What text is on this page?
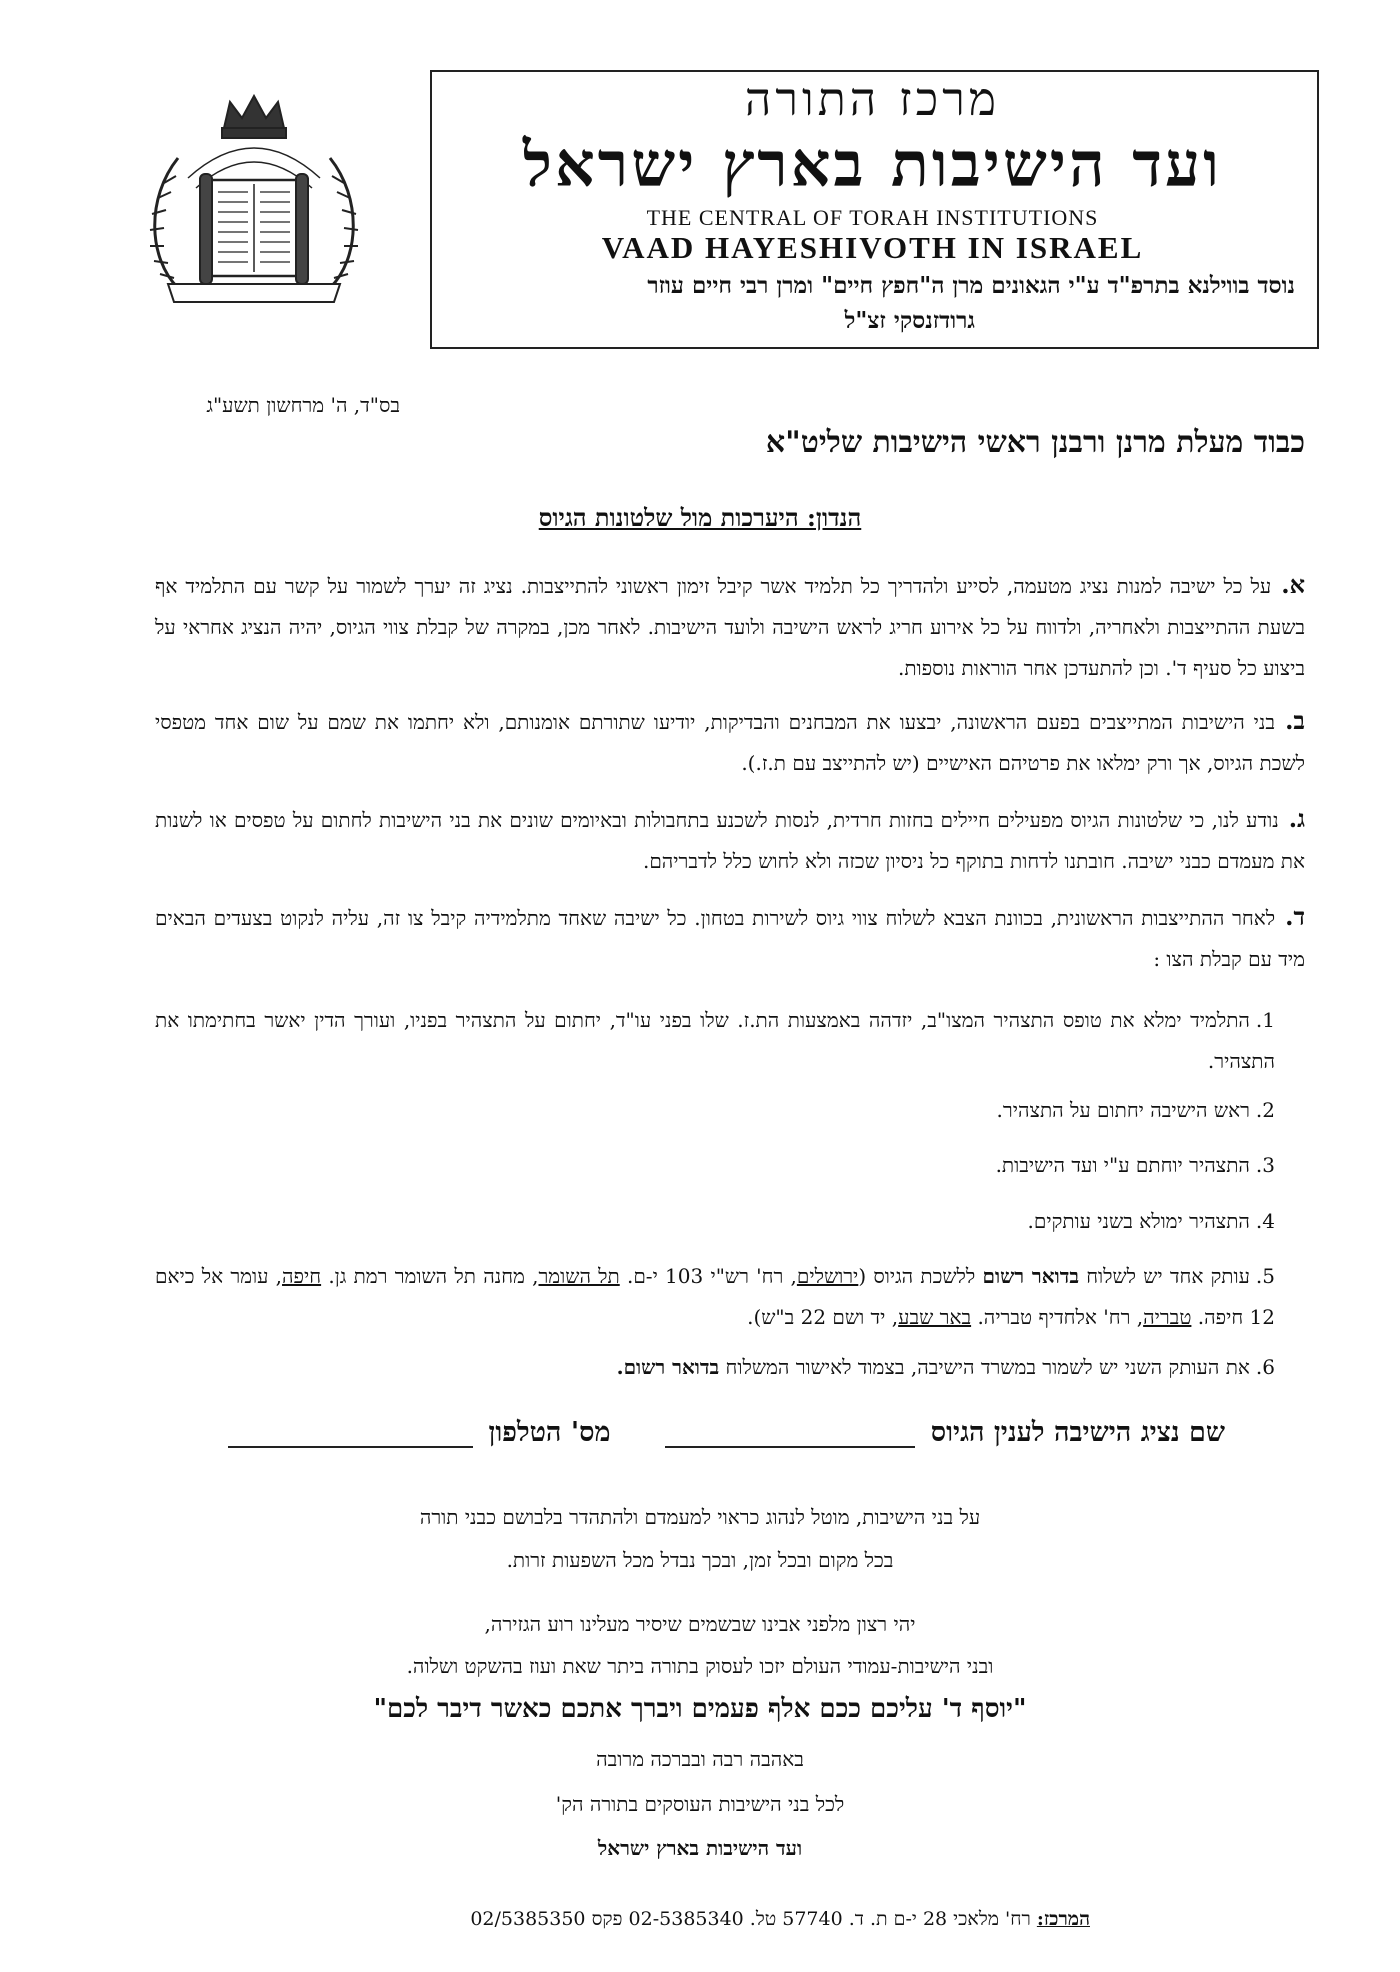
מרכז התורה
ועד הישיבות בארץ ישראל
THE CENTRAL OF TORAH INSTITUTIONS
VAAD HAYESHIVOTH IN ISRAEL
נוסד בווילנא בתרפ"ד ע"י הגאונים מרן ה"חפץ חיים" ומרן רבי חיים עוזר
גרודזנסקי זצ"ל
בס"ד, ה' מרחשון תשע"ג
כבוד מעלת מרנן ורבנן ראשי הישיבות שליט"א
הנדון: היערכות מול שלטונות הגיוס
א.על כל ישיבה למנות נציג מטעמה, לסייע ולהדריך כל תלמיד אשר קיבל זימון ראשוני להתייצבות. נציג זה יערך לשמור על קשר עם התלמיד אף בשעת ההתייצבות ולאחריה, ולדווח על כל אירוע חריג לראש הישיבה ולועד הישיבות. לאחר מכן, במקרה של קבלת צווי הגיוס, יהיה הנציג אחראי על ביצוע כל סעיף ד'. וכן להתעדכן אחר הוראות נוספות.
ב.בני הישיבות המתייצבים בפעם הראשונה, יבצעו את המבחנים והבדיקות, יודיעו שתורתם אומנותם, ולא יחתמו את שמם על שום אחד מטפסי לשכת הגיוס, אך ורק ימלאו את פרטיהם האישיים (יש להתייצב עם ת.ז.).
ג.נודע לנו, כי שלטונות הגיוס מפעילים חיילים בחזות חרדית, לנסות לשכנע בתחבולות ובאיומים שונים את בני הישיבות לחתום על טפסים או לשנות את מעמדם כבני ישיבה. חובתנו לדחות בתוקף כל ניסיון שכזה ולא לחוש כלל לדבריהם.
ד.לאחר ההתייצבות הראשונית, בכוונת הצבא לשלוח צווי גיוס לשירות בטחון. כל ישיבה שאחד מתלמידיה קיבל צו זה, עליה לנקוט בצעדים הבאים מיד עם קבלת הצו :
1.התלמיד ימלא את טופס התצהיר המצו"ב, יזדהה באמצעות הת.ז. שלו בפני עו"ד, יחתום על התצהיר בפניו, ועורך הדין יאשר בחתימתו את התצהיר.
2.ראש הישיבה יחתום על התצהיר.
3.התצהיר יוחתם ע"י ועד הישיבות.
4.התצהיר ימולא בשני עותקים.
5.עותק אחד יש לשלוח בדואר רשום ללשכת הגיוס (ירושלים, רח' רש"י 103 י-ם. תל השומר, מחנה תל השומר רמת גן. חיפה, עומר אל כיאם 12 חיפה. טבריה, רח' אלחדיף טבריה. באר שבע, יד ושם 22 ב"ש).
6.את העותק השני יש לשמור במשרד הישיבה, בצמוד לאישור המשלוח בדואר רשום.
שם נציג הישיבה לענין הגיוס   מס' הטלפון
על בני הישיבות, מוטל לנהוג כראוי למעמדם ולהתהדר בלבושם כבני תורה
בכל מקום ובכל זמן, ובכך נבדל מכל השפעות זרות.
יהי רצון מלפני אבינו שבשמים שיסיר מעלינו רוע הגזירה,
ובני הישיבות-עמודי העולם יזכו לעסוק בתורה ביתר שאת ועוז בהשקט ושלוה.
"יוסף ד' עליכם ככם אלף פעמים ויברך אתכם כאשר דיבר לכם"
באהבה רבה ובברכה מרובה
לכל בני הישיבות העוסקים בתורה הק'
ועד הישיבות בארץ ישראל
המרכז: רח' מלאכי 28 י-ם ת. ד. 57740 טל. 02-5385340 פקס 02/5385350
